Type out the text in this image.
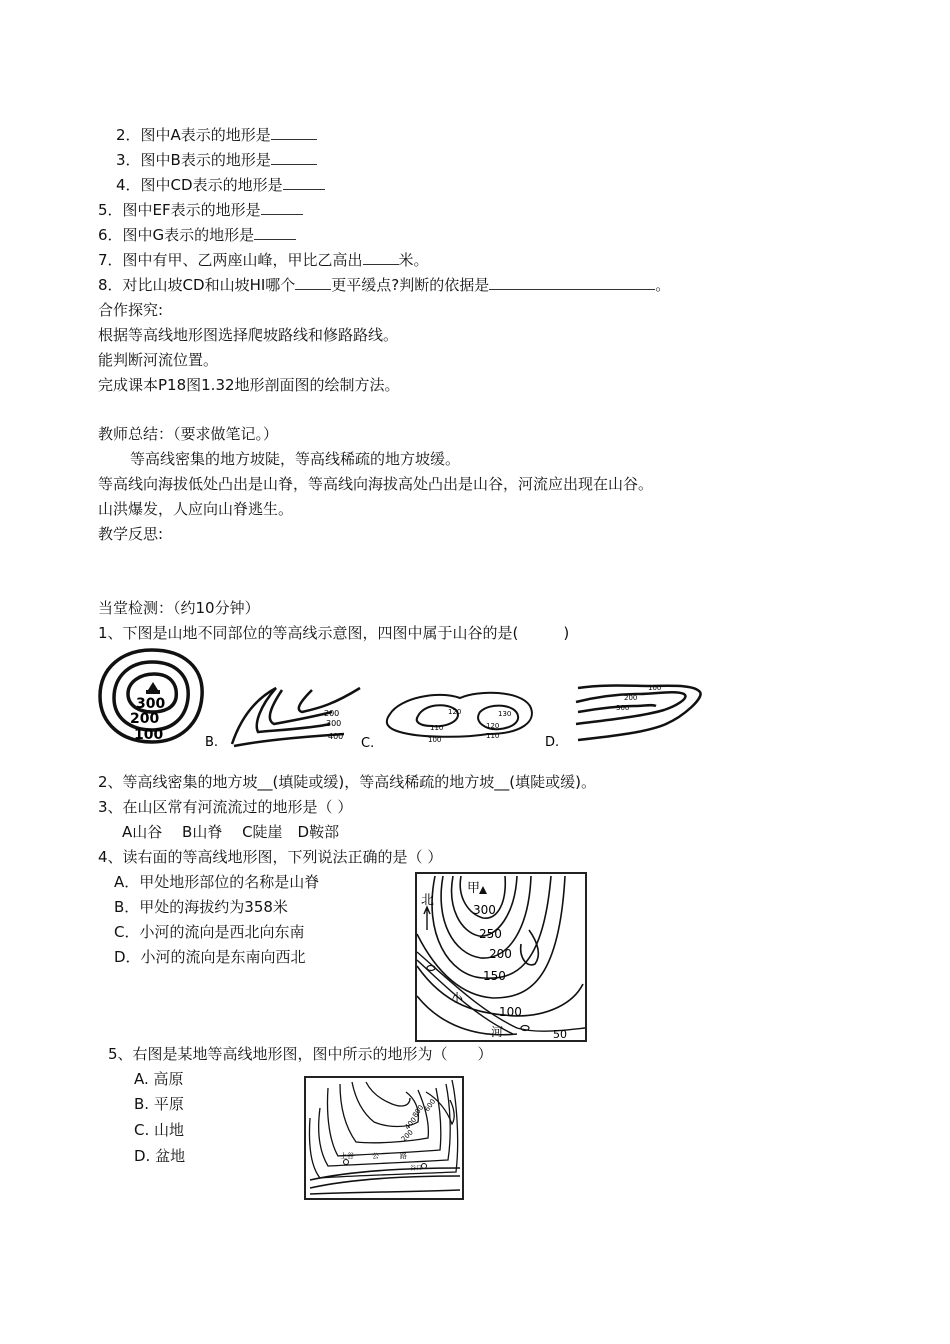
2．图中A表示的地形是
3．图中B表示的地形是
4．图中CD表示的地形是
5．图中EF表示的地形是
6．图中G表示的地形是
7．图中有甲、乙两座山峰，甲比乙高出 米。
8．对比山坡CD和山坡HI哪个 更平缓点?判断的依据是	。
合作探究:
根据等高线地形图选择爬坡路线和修路路线。
能判断河流位置。
完成课本P18图1.32地形剖面图的绘制方法。
教师总结：（要求做笔记。）
等高线密集的地方坡陡，等高线稀疏的地方坡缓。
等高线向海拔低处凸出是山脊，等高线向海拔高处凸出是山谷，河流应出现在山谷。
山洪爆发，人应向山脊逃生。
教学反思:
当堂检测：（约10分钟）
1、下图是山地不同部位的等高线示意图，四图中属于山谷的是(　　　)
300
200
100	B.
200
300
400 C.
120	130
110
100
120
110	D.
100
200
300
2、等高线密集的地方坡__(填陡或缓)，等高线稀疏的地方坡__(填陡或缓)。
3、在山区常有河流流过的地形是（ ）
A山谷　 B山脊　 C陡崖　D鞍部
4、读右面的等高线地形图，下列说法正确的是（ ）
A．甲处地形部位的名称是山脊
B．甲处的海拔约为358米
C．小河的流向是西北向东南
D．小河的流向是东南向西北
北
甲
300
250
200
150
100
50
小
河
5、右图是某地等高线地形图，图中所示的地形为（　　）
A. 高原
B. 平原
C. 山地
D. 盆地	上 谷	公	路
谷口
600
800
400
200
